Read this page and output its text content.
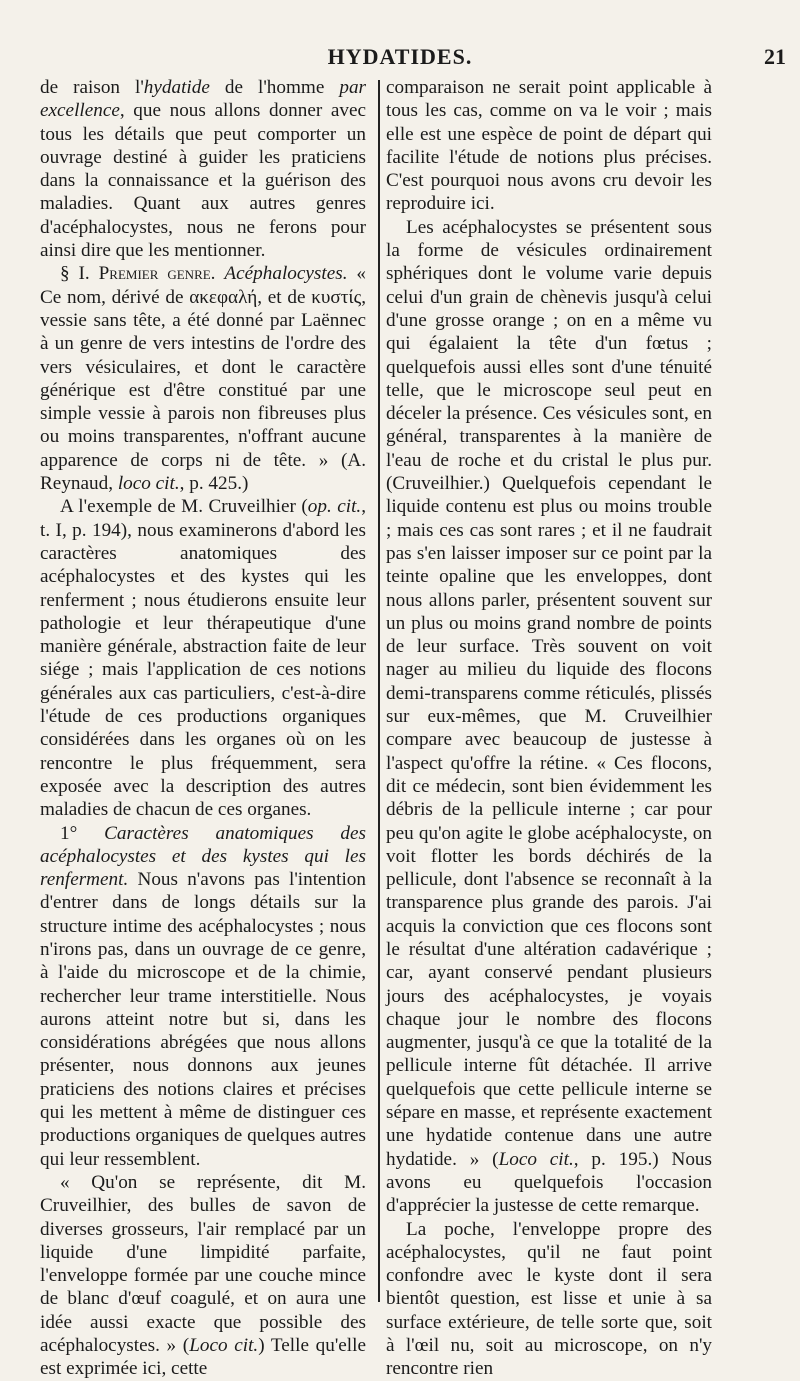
HYDATIDES.	21

de raison l'hydatide de l'homme par excellence, que nous allons donner avec tous les détails que peut comporter un ouvrage destiné à guider les praticiens dans la connaissance et la guérison des maladies. Quant aux autres genres d'acéphalocystes, nous ne ferons pour ainsi dire que les mentionner.

§ I. Premier genre. Acéphalocystes. « Ce nom, dérivé de ακεφαλή, et de κυστίς, vessie sans tête, a été donné par Laënnec à un genre de vers intestins de l'ordre des vers vésiculaires, et dont le caractère générique est d'être constitué par une simple vessie à parois non fibreuses plus ou moins transparentes, n'offrant aucune apparence de corps ni de tête. » (A. Reynaud, loco cit., p. 425.)

A l'exemple de M. Cruveilhier (op. cit., t. I, p. 194), nous examinerons d'abord les caractères anatomiques des acéphalocystes et des kystes qui les renferment ; nous étudierons ensuite leur pathologie et leur thérapeutique d'une manière générale, abstraction faite de leur siége ; mais l'application de ces notions générales aux cas particuliers, c'est-à-dire l'étude de ces productions organiques considérées dans les organes où on les rencontre le plus fréquemment, sera exposée avec la description des autres maladies de chacun de ces organes.

1° Caractères anatomiques des acéphalocystes et des kystes qui les renferment. Nous n'avons pas l'intention d'entrer dans de longs détails sur la structure intime des acéphalocystes ; nous n'irons pas, dans un ouvrage de ce genre, à l'aide du microscope et de la chimie, rechercher leur trame interstitielle. Nous aurons atteint notre but si, dans les considérations abrégées que nous allons présenter, nous donnons aux jeunes praticiens des notions claires et précises qui les mettent à même de distinguer ces productions organiques de quelques autres qui leur ressemblent.

« Qu'on se représente, dit M. Cruveilhier, des bulles de savon de diverses grosseurs, l'air remplacé par un liquide d'une limpidité parfaite, l'enveloppe formée par une couche mince de blanc d'œuf coagulé, et on aura une idée aussi exacte que possible des acéphalocystes. » (Loco cit.) Telle qu'elle est exprimée ici, cette

comparaison ne serait point applicable à tous les cas, comme on va le voir ; mais elle est une espèce de point de départ qui facilite l'étude de notions plus précises. C'est pourquoi nous avons cru devoir les reproduire ici.

Les acéphalocystes se présentent sous la forme de vésicules ordinairement sphériques dont le volume varie depuis celui d'un grain de chènevis jusqu'à celui d'une grosse orange ; on en a même vu qui égalaient la tête d'un fœtus ; quelquefois aussi elles sont d'une ténuité telle, que le microscope seul peut en déceler la présence. Ces vésicules sont, en général, transparentes à la manière de l'eau de roche et du cristal le plus pur. (Cruveilhier.) Quelquefois cependant le liquide contenu est plus ou moins trouble ; mais ces cas sont rares ; et il ne faudrait pas s'en laisser imposer sur ce point par la teinte opaline que les enveloppes, dont nous allons parler, présentent souvent sur un plus ou moins grand nombre de points de leur surface. Très souvent on voit nager au milieu du liquide des flocons demi-transparens comme réticulés, plissés sur eux-mêmes, que M. Cruveilhier compare avec beaucoup de justesse à l'aspect qu'offre la rétine. « Ces flocons, dit ce médecin, sont bien évidemment les débris de la pellicule interne ; car pour peu qu'on agite le globe acéphalocyste, on voit flotter les bords déchirés de la pellicule, dont l'absence se reconnaît à la transparence plus grande des parois. J'ai acquis la conviction que ces flocons sont le résultat d'une altération cadavérique ; car, ayant conservé pendant plusieurs jours des acéphalocystes, je voyais chaque jour le nombre des flocons augmenter, jusqu'à ce que la totalité de la pellicule interne fût détachée. Il arrive quelquefois que cette pellicule interne se sépare en masse, et représente exactement une hydatide contenue dans une autre hydatide. » (Loco cit., p. 195.) Nous avons eu quelquefois l'occasion d'apprécier la justesse de cette remarque.

La poche, l'enveloppe propre des acéphalocystes, qu'il ne faut point confondre avec le kyste dont il sera bientôt question, est lisse et unie à sa surface extérieure, de telle sorte que, soit à l'œil nu, soit au microscope, on n'y rencontre rien
